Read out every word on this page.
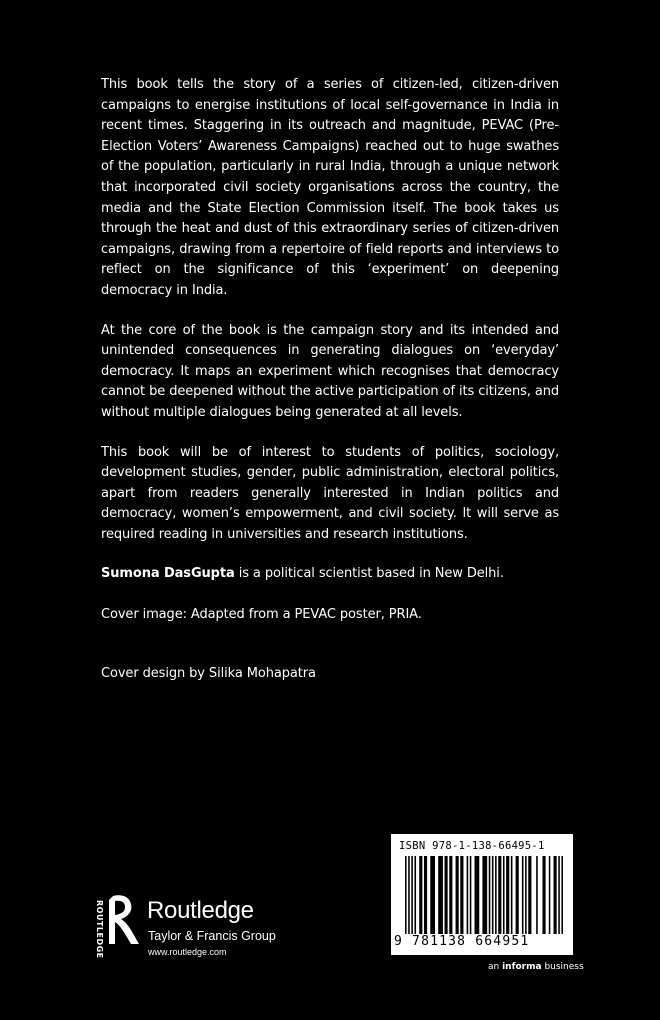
This book tells the story of a series of citizen-led, citizen-driven campaigns to energise institutions of local self-governance in India in recent times. Staggering in its outreach and magnitude, PEVAC (Pre-Election Voters’ Awareness Campaigns) reached out to huge swathes of the population, particularly in rural India, through a unique network that incorporated civil society organisations across the country, the media and the State Election Commission itself. The book takes us through the heat and dust of this extraordinary series of citizen-driven campaigns, drawing from a repertoire of field reports and interviews to reflect on the significance of this ‘experiment’ on deepening democracy in India.

At the core of the book is the campaign story and its intended and unintended consequences in generating dialogues on ‘everyday’ democracy. It maps an experiment which recognises that democracy cannot be deepened without the active participation of its citizens, and without multiple dialogues being generated at all levels.

This book will be of interest to students of politics, sociology, development studies, gender, public administration, electoral politics, apart from readers generally interested in Indian politics and democracy, women’s empowerment, and civil society. It will serve as required reading in universities and research institutions.

Sumona DasGupta is a political scientist based in New Delhi.

Cover image: Adapted from a PEVAC poster, PRIA.

Cover design by Silika Mohapatra

ISBN 978-1-138-66495-1
9 781138 664951
an informa business
ROUTLEDGE Routledge
Taylor & Francis Group
www.routledge.com
